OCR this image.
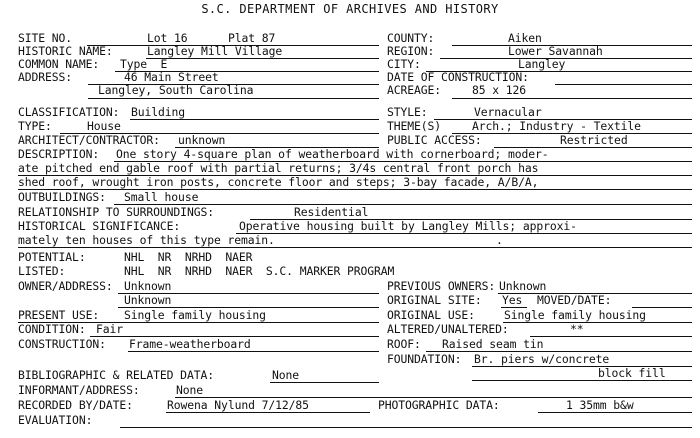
S.C. DEPARTMENT OF ARCHIVES AND HISTORY
SITE NO.	Lot 16	Plat 87	COUNTY:	Aiken
HISTORIC NAME:	Langley Mill Village	REGION:	Lower Savannah
COMMON NAME: Type  E	CITY:	Langley
ADDRESS:	46 Main Street	DATE OF CONSTRUCTION:
Langley, South Carolina	ACREAGE:	85 x 126
CLASSIFICATION: Building	STYLE:	Vernacular
TYPE:	House	THEME(S)	Arch.; Industry - Textile
ARCHITECT/CONTRACTOR: unknown	PUBLIC ACCESS:	Restricted
DESCRIPTION: One story 4-square plan of weatherboard with cornerboard; moder-
ate pitched end gable roof with partial returns; 3/4s central front porch has
shed roof, wrought iron posts, concrete floor and steps; 3-bay facade, A/B/A,
OUTBUILDINGS: Small house
RELATIONSHIP TO SURROUNDINGS:	Residential
HISTORICAL SIGNIFICANCE:	Operative housing built by Langley Mills; approxi-
mately ten houses of this type remain.	.
POTENTIAL:	NHL  NR  NRHD  NAER
LISTED:	NHL  NR  NRHD  NAER  S.C. MARKER PROGRAM
OWNER/ADDRESS: Unknown
Unknown
PREVIOUS OWNERS: Unknown
ORIGINAL SITE: Yes MOVED/DATE:
PRESENT USE: Single family housing	ORIGINAL USE:	Single family housing
CONDITION: Fair	ALTERED/UNALTERED:	**
CONSTRUCTION: Frame-weatherboard	ROOF: Raised seam tin
FOUNDATION: Br. piers w/concrete
block fill
BIBLIOGRAPHIC & RELATED DATA:	None
INFORMANT/ADDRESS:	None
RECORDED BY/DATE:	Rowena Nylund 7/12/85	PHOTOGRAPHIC DATA:	1 35mm b&w
EVALUATION:
